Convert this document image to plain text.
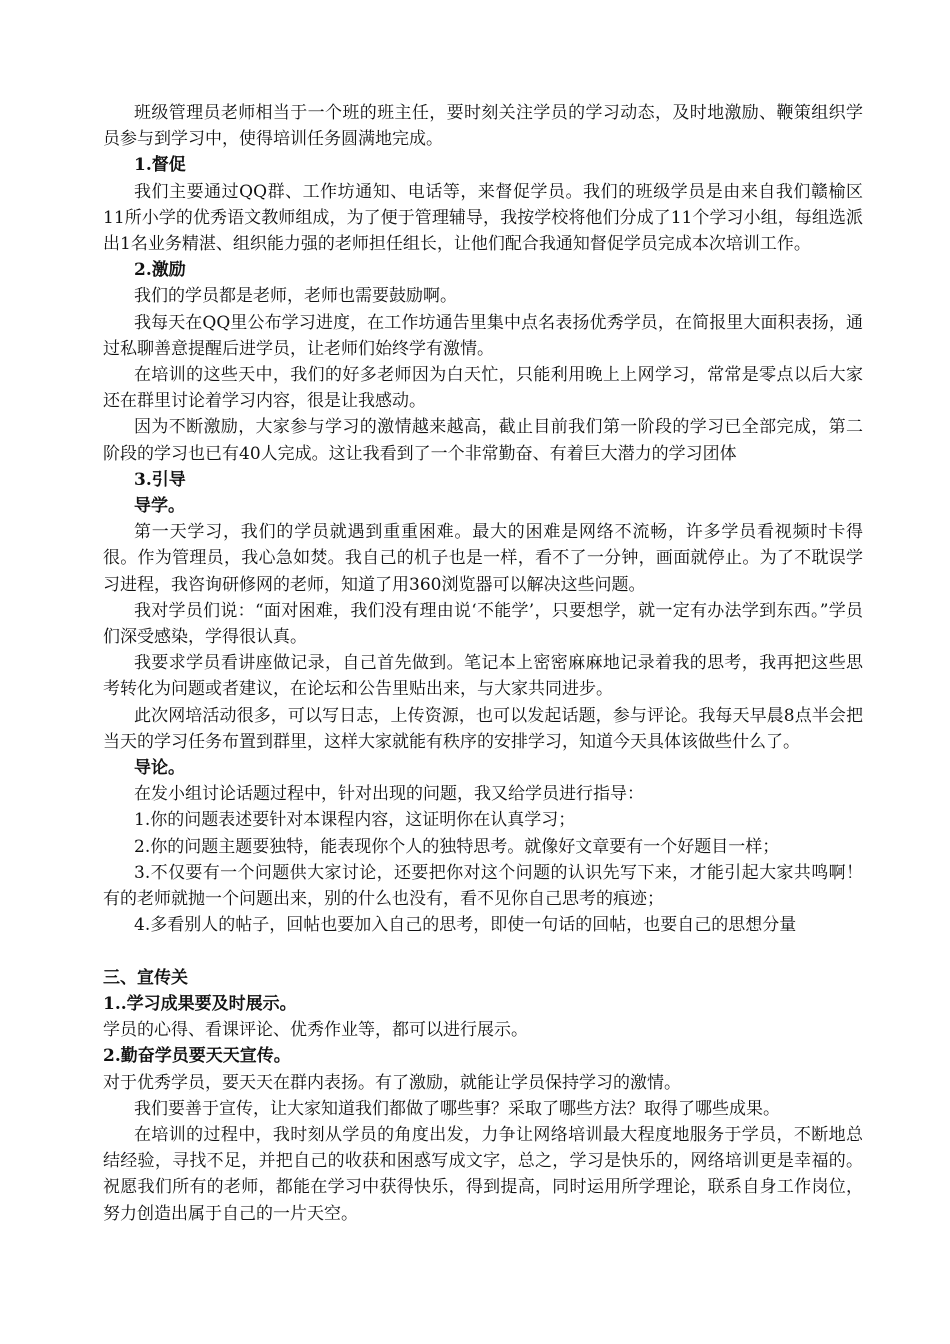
班级管理员老师相当于一个班的班主任，要时刻关注学员的学习动态，及时地激励、鞭策组织学员参与到学习中，使得培训任务圆满地完成。

1.督促

我们主要通过QQ群、工作坊通知、电话等，来督促学员。我们的班级学员是由来自我们赣榆区11所小学的优秀语文教师组成，为了便于管理辅导，我按学校将他们分成了11个学习小组，每组选派出1名业务精湛、组织能力强的老师担任组长，让他们配合我通知督促学员完成本次培训工作。

2.激励

我们的学员都是老师，老师也需要鼓励啊。

我每天在QQ里公布学习进度，在工作坊通告里集中点名表扬优秀学员，在简报里大面积表扬，通过私聊善意提醒后进学员，让老师们始终学有激情。

在培训的这些天中，我们的好多老师因为白天忙，只能利用晚上上网学习，常常是零点以后大家还在群里讨论着学习内容，很是让我感动。

因为不断激励，大家参与学习的激情越来越高，截止目前我们第一阶段的学习已全部完成，第二阶段的学习也已有40人完成。这让我看到了一个非常勤奋、有着巨大潜力的学习团体

3.引导

导学。

第一天学习，我们的学员就遇到重重困难。最大的困难是网络不流畅，许多学员看视频时卡得很。作为管理员，我心急如焚。我自己的机子也是一样，看不了一分钟，画面就停止。为了不耽误学习进程，我咨询研修网的老师，知道了用360浏览器可以解决这些问题。

我对学员们说：“面对困难，我们没有理由说‘不能学’，只要想学，就一定有办法学到东西。”学员们深受感染，学得很认真。

我要求学员看讲座做记录，自己首先做到。笔记本上密密麻麻地记录着我的思考，我再把这些思考转化为问题或者建议，在论坛和公告里贴出来，与大家共同进步。

此次网培活动很多，可以写日志，上传资源，也可以发起话题，参与评论。我每天早晨8点半会把当天的学习任务布置到群里，这样大家就能有秩序的安排学习，知道今天具体该做些什么了。

导论。

在发小组讨论话题过程中，针对出现的问题，我又给学员进行指导：

1.你的问题表述要针对本课程内容，这证明你在认真学习；

2.你的问题主题要独特，能表现你个人的独特思考。就像好文章要有一个好题目一样；

3.不仅要有一个问题供大家讨论，还要把你对这个问题的认识先写下来，才能引起大家共鸣啊！有的老师就抛一个问题出来，别的什么也没有，看不见你自己思考的痕迹；

4.多看别人的帖子，回帖也要加入自己的思考，即使一句话的回帖，也要自己的思想分量

三、宣传关

1..学习成果要及时展示。

学员的心得、看课评论、优秀作业等，都可以进行展示。

2.勤奋学员要天天宣传。

对于优秀学员，要天天在群内表扬。有了激励，就能让学员保持学习的激情。

我们要善于宣传，让大家知道我们都做了哪些事？采取了哪些方法？取得了哪些成果。

在培训的过程中，我时刻从学员的角度出发，力争让网络培训最大程度地服务于学员，不断地总结经验，寻找不足，并把自己的收获和困惑写成文字，总之，学习是快乐的，网络培训更是幸福的。祝愿我们所有的老师，都能在学习中获得快乐，得到提高，同时运用所学理论，联系自身工作岗位，努力创造出属于自己的一片天空。
